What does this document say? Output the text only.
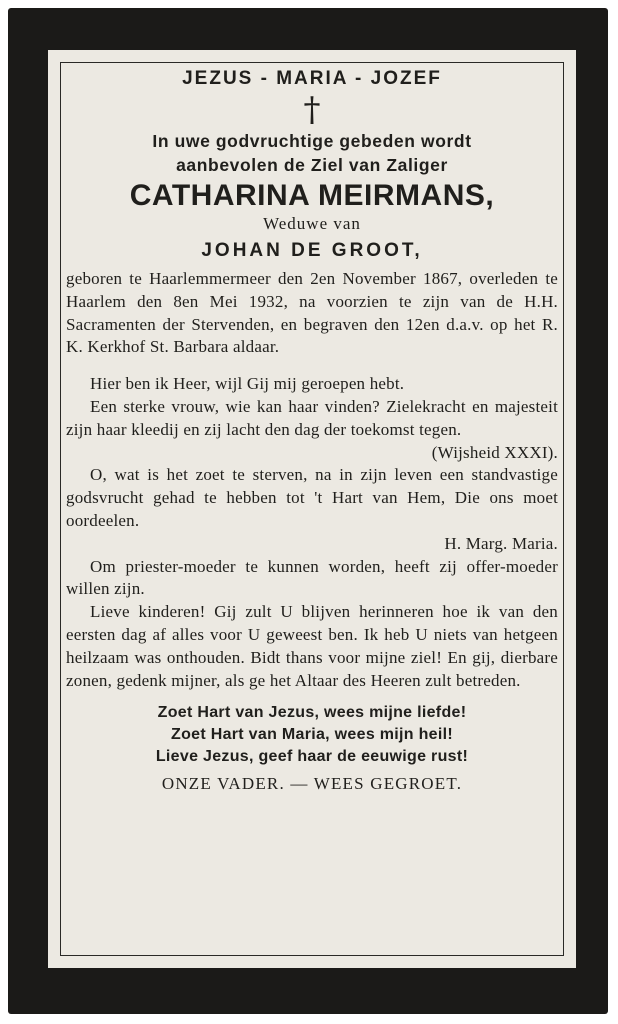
JEZUS - MARIA - JOZEF
†
In uwe godvruchtige gebeden wordt
aanbevolen de Ziel van Zaliger
CATHARINA MEIRMANS,
Weduwe van
JOHAN DE GROOT,

geboren te Haarlemmermeer den 2en November 1867, overleden te Haarlem den 8en Mei 1932, na voorzien te zijn van de H.H. Sacramenten der Stervenden, en begraven den 12en d.a.v. op het R. K. Kerkhof St. Barbara aldaar.

Hier ben ik Heer, wijl Gij mij geroepen hebt.

Een sterke vrouw, wie kan haar vinden? Zielekracht en majesteit zijn haar kleedij en zij lacht den dag der toekomst tegen.

(Wijsheid XXXI).

O, wat is het zoet te sterven, na in zijn leven een standvastige godsvrucht gehad te hebben tot 't Hart van Hem, Die ons moet oordeelen.

H. Marg. Maria.

Om priester-moeder te kunnen worden, heeft zij offer-moeder willen zijn.

Lieve kinderen! Gij zult U blijven herinneren hoe ik van den eersten dag af alles voor U geweest ben. Ik heb U niets van hetgeen heilzaam was onthouden. Bidt thans voor mijne ziel! En gij, dierbare zonen, gedenk mijner, als ge het Altaar des Heeren zult betreden.

Zoet Hart van Jezus, wees mijne liefde!
Zoet Hart van Maria, wees mijn heil!
Lieve Jezus, geef haar de eeuwige rust!
ONZE VADER. — WEES GEGROET.
